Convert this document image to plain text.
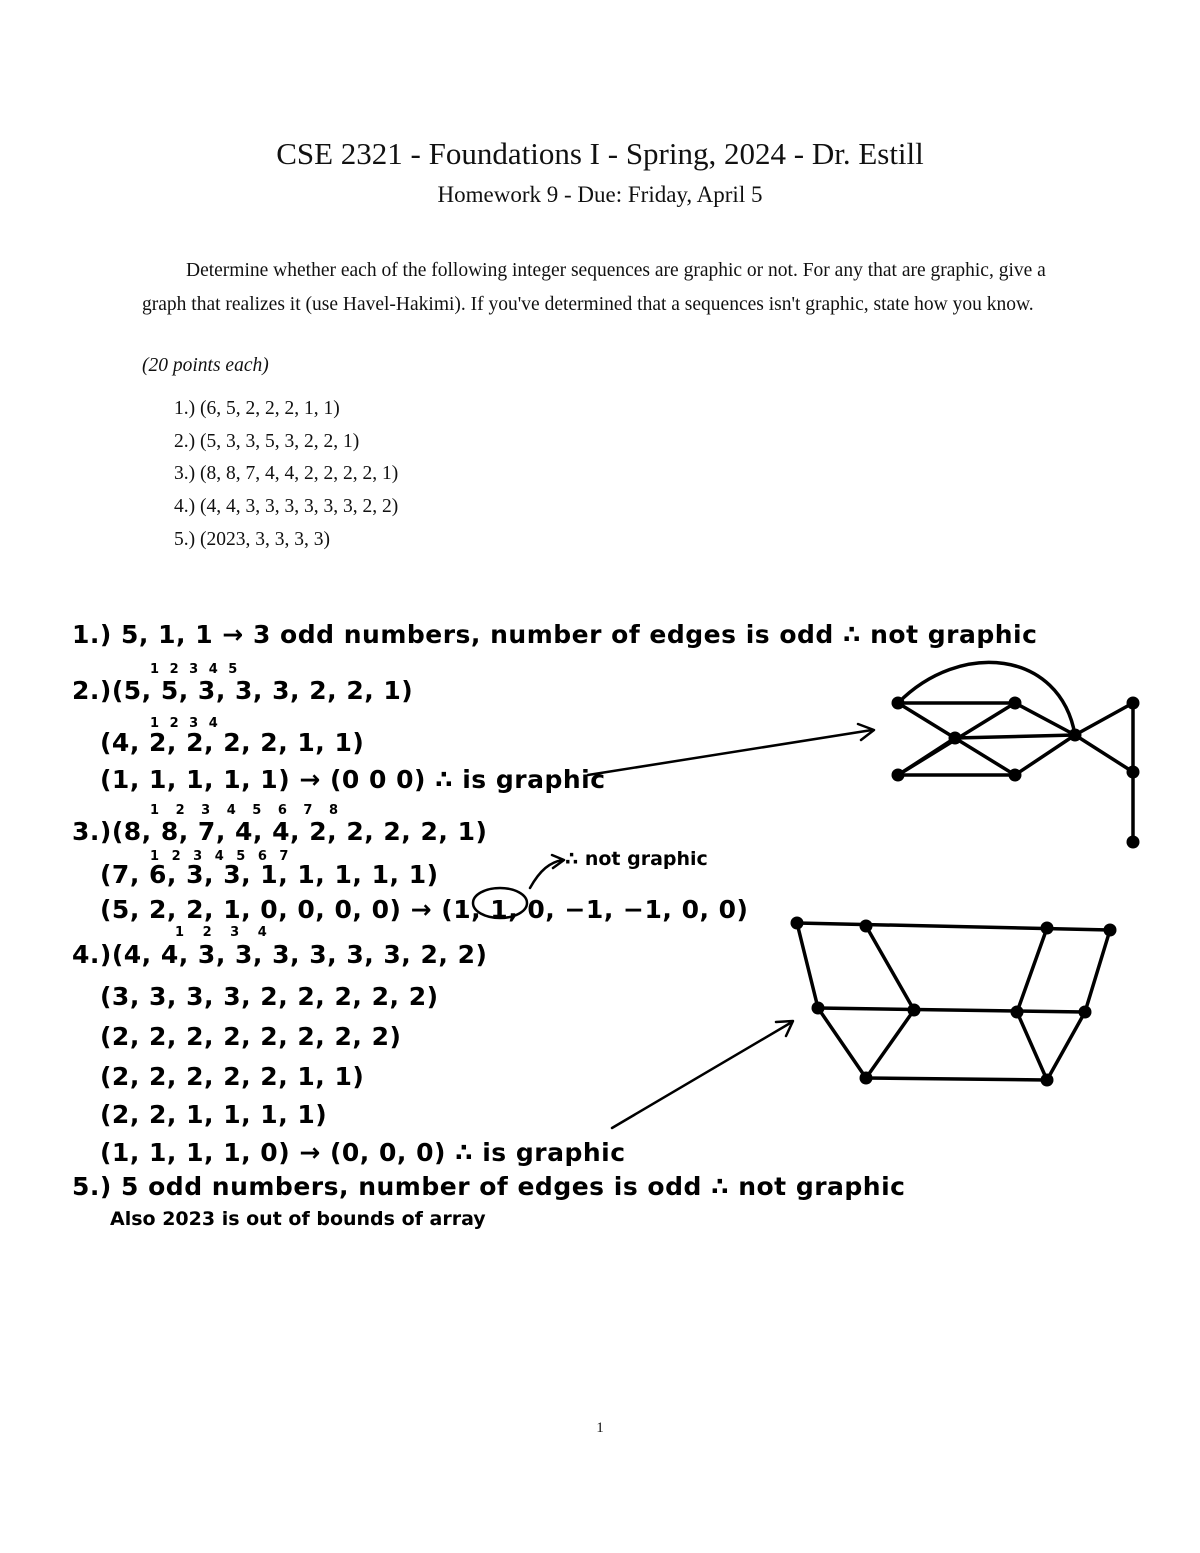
CSE 2321 - Foundations I - Spring, 2024 - Dr. Estill
Homework 9 - Due: Friday, April 5
Determine whether each of the following integer sequences are graphic or not. For any that are graphic, give a graph that realizes it (use Havel-Hakimi). If you've determined that a sequences isn't graphic, state how you know.
(20 points each)
1.) (6, 5, 2, 2, 2, 1, 1)
2.) (5, 3, 3, 5, 3, 2, 2, 1)
3.) (8, 8, 7, 4, 4, 2, 2, 2, 2, 1)
4.) (4, 4, 3, 3, 3, 3, 3, 3, 2, 2)
5.) (2023, 3, 3, 3, 3)
1.) 5, 1, 1 → 3 odd numbers, number of edges is odd ∴ not graphic
1 2 3 4 5
2.)(5, 5, 3, 3, 3, 2, 2, 1)
1 2 3 4
(4, 2, 2, 2, 2, 1, 1)
(1, 1, 1, 1, 1) → (0 0 0) ∴ is graphic
1 2 3 4 5 6 7 8
3.)(8, 8, 7, 4, 4, 2, 2, 2, 2, 1)
1 2 3 4 5 6 7
(7, 6, 3, 3, 1, 1, 1, 1, 1)
∴ not graphic
(5, 2, 2, 1, 0, 0, 0, 0) → (1, 1, 0, −1, −1, 0, 0)
1 2 3 4
4.)(4, 4, 3, 3, 3, 3, 3, 3, 2, 2)
(3, 3, 3, 3, 2, 2, 2, 2, 2)
(2, 2, 2, 2, 2, 2, 2, 2)
(2, 2, 2, 2, 2, 1, 1)
(2, 2, 1, 1, 1, 1)
(1, 1, 1, 1, 0) → (0, 0, 0) ∴ is graphic
5.) 5 odd numbers, number of edges is odd ∴ not graphic
Also 2023 is out of bounds of array
1
